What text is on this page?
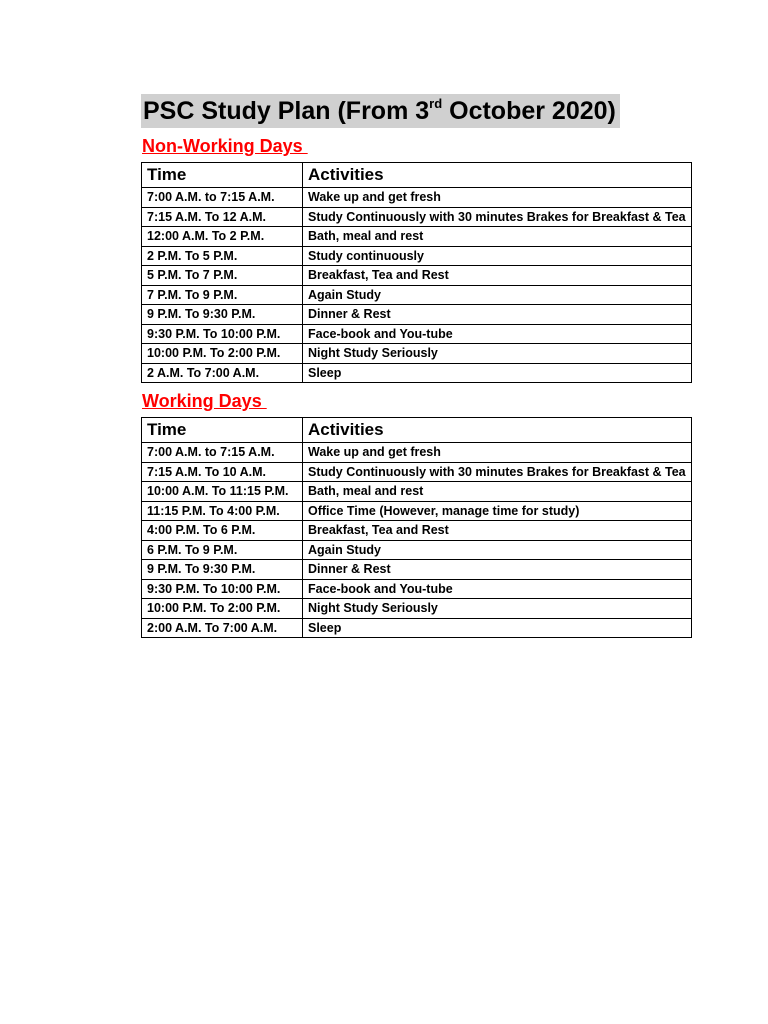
PSC Study Plan (From 3rd October 2020)
Non-Working Days
Time	Activities
7:00 A.M. to 7:15 A.M.	Wake up and get fresh
7:15 A.M. To 12 A.M.	Study Continuously with 30 minutes Brakes for Breakfast & Tea
12:00 A.M. To 2 P.M.	Bath, meal and rest
2 P.M. To 5 P.M.	Study continuously
5 P.M. To 7 P.M.	Breakfast, Tea and Rest
7 P.M. To 9 P.M.	Again Study
9 P.M. To 9:30 P.M.	Dinner & Rest
9:30 P.M. To 10:00 P.M.	Face-book and You-tube
10:00 P.M. To 2:00 P.M.	Night Study Seriously
2 A.M. To 7:00 A.M.	Sleep
Working Days
Time	Activities
7:00 A.M. to 7:15 A.M.	Wake up and get fresh
7:15 A.M. To 10 A.M.	Study Continuously with 30 minutes Brakes for Breakfast & Tea
10:00 A.M. To 11:15 P.M.	Bath, meal and rest
11:15 P.M. To 4:00 P.M.	Office Time (However, manage time for study)
4:00 P.M. To 6 P.M.	Breakfast, Tea and Rest
6 P.M. To 9 P.M.	Again Study
9 P.M. To 9:30 P.M.	Dinner & Rest
9:30 P.M. To 10:00 P.M.	Face-book and You-tube
10:00 P.M. To 2:00 P.M.	Night Study Seriously
2:00 A.M. To 7:00 A.M.	Sleep
